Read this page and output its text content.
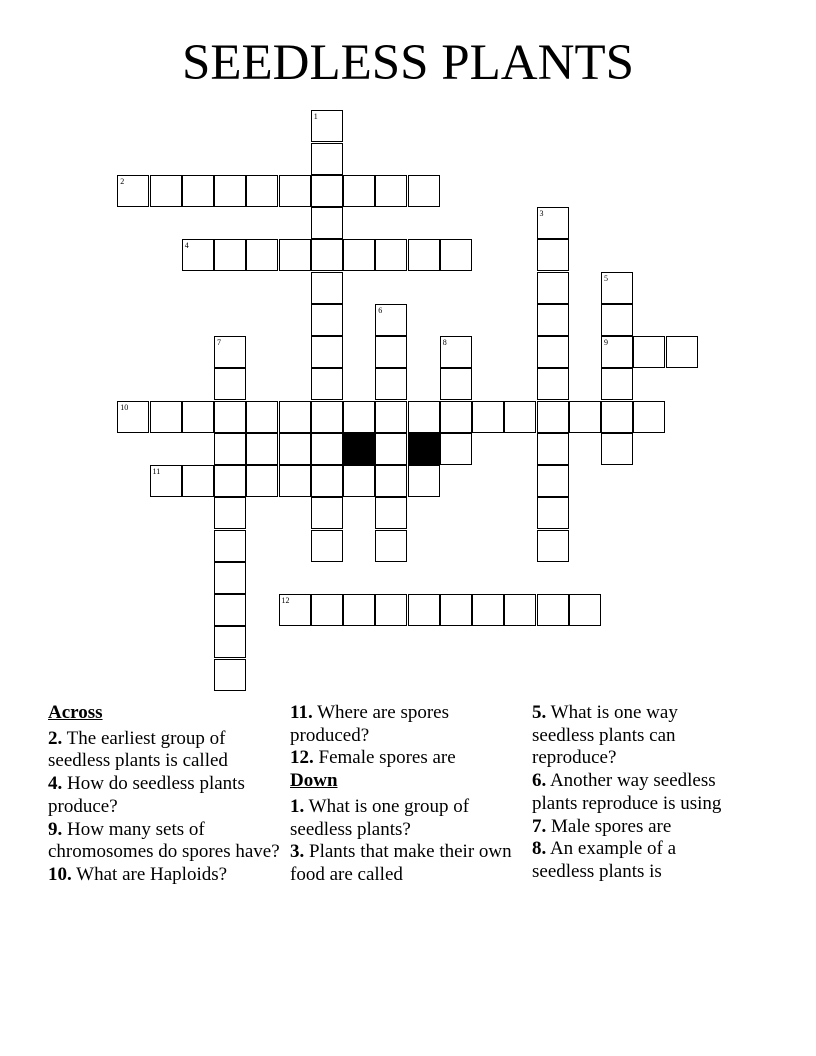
SEEDLESS PLANTS
1
2
3
4
5
9
6
7	8
10
11
12
Across
2. The earliest group of seedless plants is called
4. How do seedless plants produce?
9. How many sets of chromosomes do spores have?
10. What are Haploids?
11. Where are spores produced?
12. Female spores are
Down
1. What is one group of seedless plants?
3. Plants that make their own food are called
5. What is one way seedless plants can reproduce?
6. Another way seedless plants reproduce is using
7. Male spores are
8. An example of a seedless plants is
